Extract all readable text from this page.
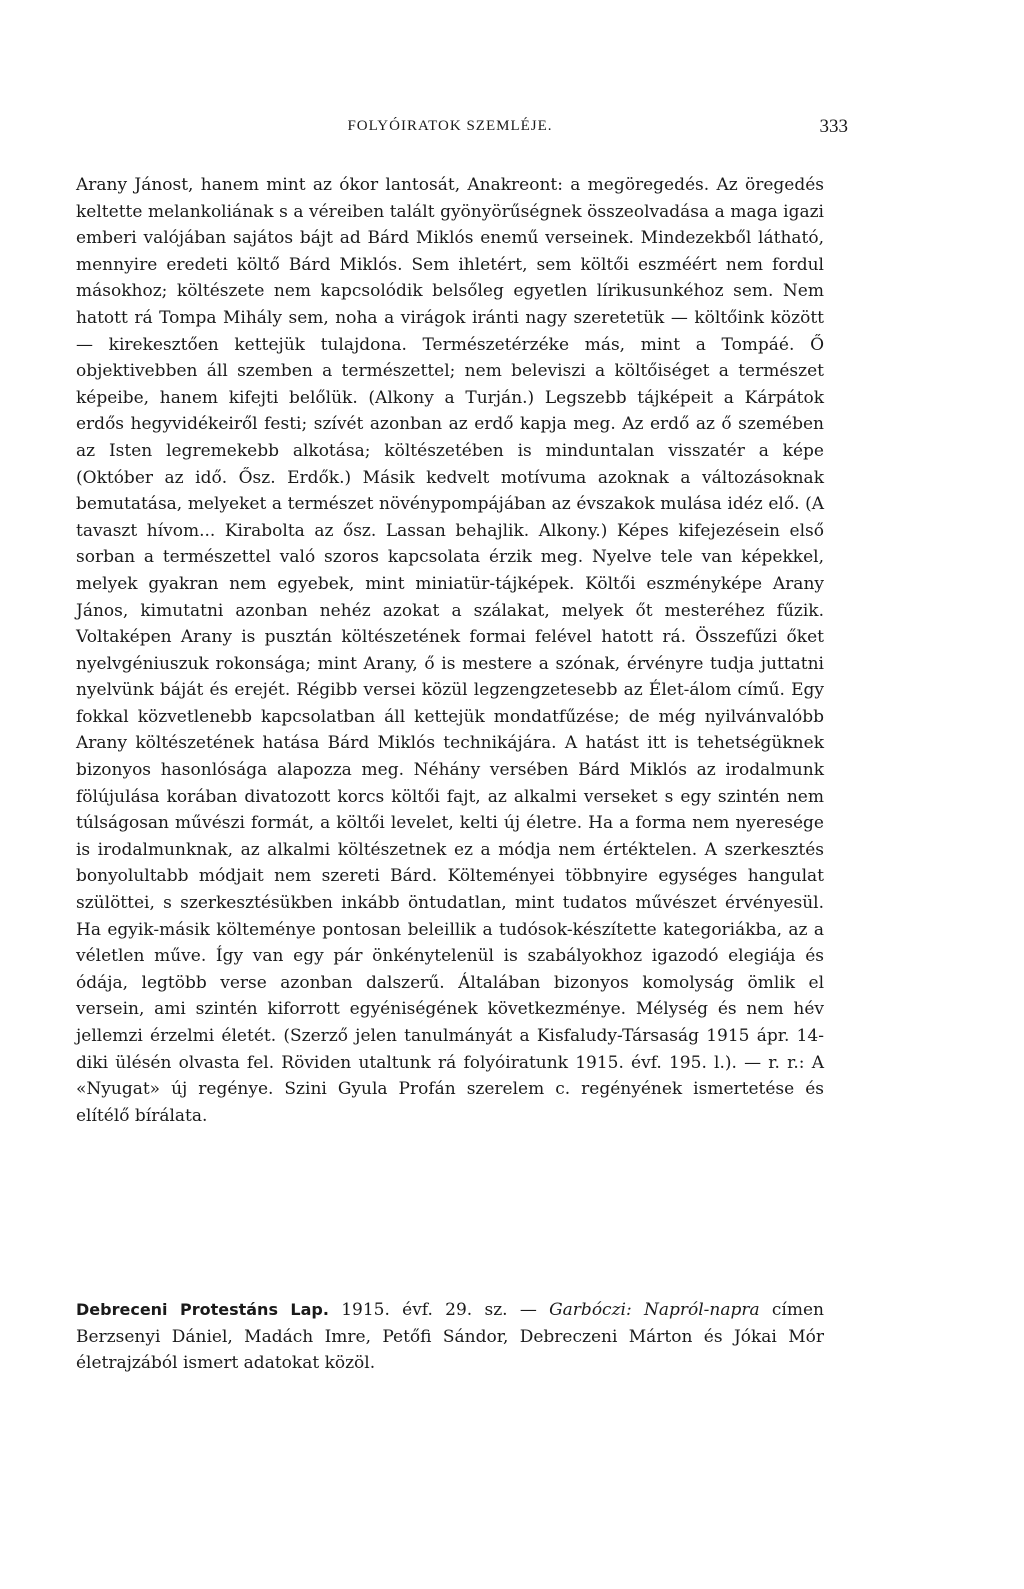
FOLYÓIRATOK SZEMLÉJE.	333

Arany Jánost, hanem mint az ókor lantosát, Anakreont: a megöregedés. Az öregedés keltette melankoliának s a véreiben talált gyönyörűségnek összeolvadása a maga igazi emberi valójában sajátos bájt ad Bárd Miklós enemű verseinek. Mindezekből látható, mennyire eredeti költő Bárd Miklós. Sem ihletért, sem költői eszméért nem fordul másokhoz; költészete nem kapcsolódik belsőleg egyetlen lírikusunkéhoz sem. Nem hatott rá Tompa Mihály sem, noha a virágok iránti nagy szeretetük — költőink között — kirekesztően kettejük tulajdona. Természetérzéke más, mint a Tompáé. Ő objektivebben áll szemben a természettel; nem beleviszi a költőiséget a természet képeibe, hanem kifejti belőlük. (Alkony a Turján.) Legszebb tájképeit a Kárpátok erdős hegyvidékeiről festi; szívét azonban az erdő kapja meg. Az erdő az ő szemében az Isten legremekebb alkotása; költészetében is minduntalan visszatér a képe (Október az idő. Ősz. Erdők.) Másik kedvelt motívuma azoknak a változásoknak bemutatása, melyeket a természet növénypompájában az évszakok mulása idéz elő. (A tavaszt hívom... Kirabolta az ősz. Lassan behajlik. Alkony.) Képes kifejezésein első sorban a természettel való szoros kapcsolata érzik meg. Nyelve tele van képekkel, melyek gyakran nem egyebek, mint miniatür-tájképek. Költői eszményképe Arany János, kimutatni azonban nehéz azokat a szálakat, melyek őt mesteréhez fűzik. Voltaképen Arany is pusztán költészetének formai felével hatott rá. Összefűzi őket nyelvgéniuszuk rokonsága; mint Arany, ő is mestere a szónak, érvényre tudja juttatni nyelvünk báját és erejét. Régibb versei közül legzengzetesebb az Élet-álom című. Egy fokkal közvetlenebb kapcsolatban áll kettejük mondatfűzése; de még nyilvánvalóbb Arany költészetének hatása Bárd Miklós technikájára. A hatást itt is tehetségüknek bizonyos hasonlósága alapozza meg. Néhány versében Bárd Miklós az irodalmunk fölújulása korában divatozott korcs költői fajt, az alkalmi verseket s egy szintén nem túlságosan művészi formát, a költői levelet, kelti új életre. Ha a forma nem nyeresége is irodalmunknak, az alkalmi költészetnek ez a módja nem értéktelen. A szerkesztés bonyolultabb módjait nem szereti Bárd. Költeményei többnyire egységes hangulat szülöttei, s szerkesztésükben inkább öntudatlan, mint tudatos művészet érvényesül. Ha egyik-másik költeménye pontosan beleillik a tudósok-készítette kategoriákba, az a véletlen műve. Így van egy pár önkénytelenül is szabályokhoz igazodó elegiája és ódája, legtöbb verse azonban dalszerű. Általában bizonyos komolyság ömlik el versein, ami szintén kiforrott egyéniségének következménye. Mélység és nem hév jellemzi érzelmi életét. (Szerző jelen tanulmányát a Kisfaludy-Társaság 1915 ápr. 14-diki ülésén olvasta fel. Röviden utaltunk rá folyóiratunk 1915. évf. 195. l.). — r. r.: A «Nyugat» új regénye. Szini Gyula Profán szerelem c. regényének ismertetése és elítélő bírálata.

Debreceni Protestáns Lap. 1915. évf. 29. sz. — Garbóczi: Napról-napra címen Berzsenyi Dániel, Madách Imre, Petőfi Sándor, Debreczeni Márton és Jókai Mór életrajzából ismert adatokat közöl.
